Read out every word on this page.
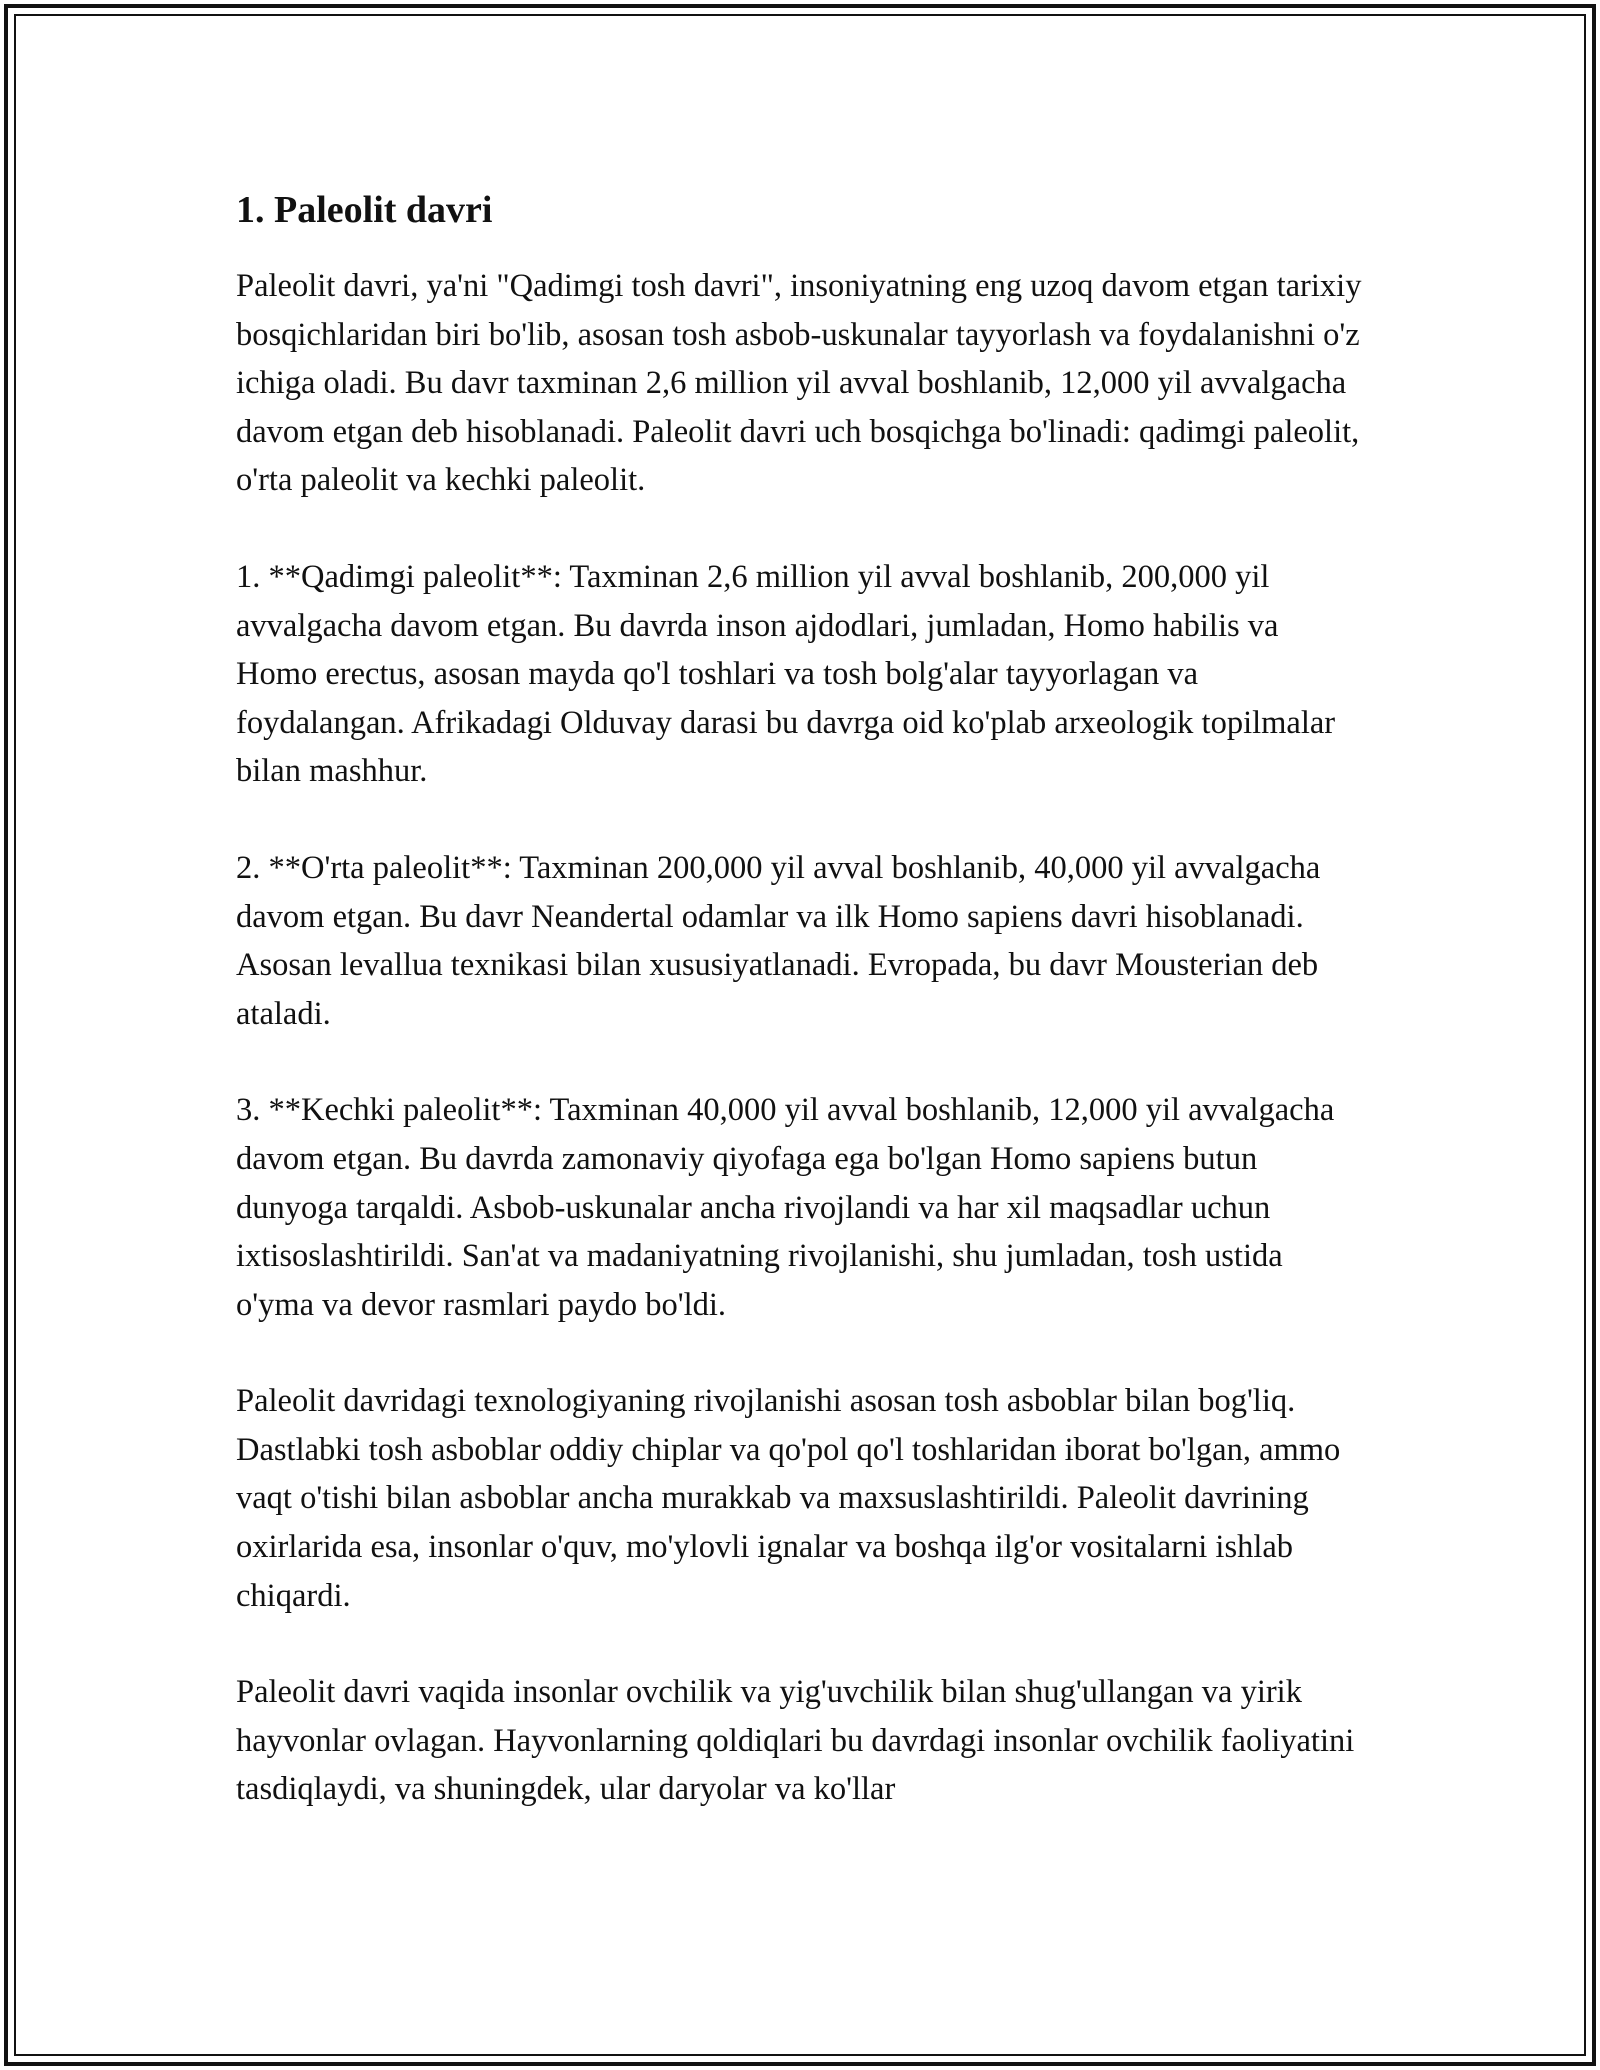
1. Paleolit davri

Paleolit davri, ya'ni "Qadimgi tosh davri", insoniyatning eng uzoq davom etgan tarixiy bosqichlaridan biri bo'lib, asosan tosh asbob-uskunalar tayyorlash va foydalanishni o'z ichiga oladi. Bu davr taxminan 2,6 million yil avval boshlanib, 12,000 yil avvalgacha davom etgan deb hisoblanadi. Paleolit davri uch bosqichga bo'linadi: qadimgi paleolit, o'rta paleolit va kechki paleolit.

1. **Qadimgi paleolit**: Taxminan 2,6 million yil avval boshlanib, 200,000 yil avvalgacha davom etgan. Bu davrda inson ajdodlari, jumladan, Homo habilis va Homo erectus, asosan mayda qo'l toshlari va tosh bolg'alar tayyorlagan va foydalangan. Afrikadagi Olduvay darasi bu davrga oid ko'plab arxeologik topilmalar bilan mashhur.

2. **O'rta paleolit**: Taxminan 200,000 yil avval boshlanib, 40,000 yil avvalgacha davom etgan. Bu davr Neandertal odamlar va ilk Homo sapiens davri hisoblanadi. Asosan levallua texnikasi bilan xususiyatlanadi. Evropada, bu davr Mousterian deb ataladi.

3. **Kechki paleolit**: Taxminan 40,000 yil avval boshlanib, 12,000 yil avvalgacha davom etgan. Bu davrda zamonaviy qiyofaga ega bo'lgan Homo sapiens butun dunyoga tarqaldi. Asbob-uskunalar ancha rivojlandi va har xil maqsadlar uchun ixtisoslashtirildi. San'at va madaniyatning rivojlanishi, shu jumladan, tosh ustida o'yma va devor rasmlari paydo bo'ldi.

Paleolit davridagi texnologiyaning rivojlanishi asosan tosh asboblar bilan bog'liq. Dastlabki tosh asboblar oddiy chiplar va qo'pol qo'l toshlaridan iborat bo'lgan, ammo vaqt o'tishi bilan asboblar ancha murakkab va maxsuslashtirildi. Paleolit davrining oxirlarida esa, insonlar o'quv, mo'ylovli ignalar va boshqa ilg'or vositalarni ishlab chiqardi.

Paleolit davri vaqida insonlar ovchilik va yig'uvchilik bilan shug'ullangan va yirik hayvonlar ovlagan. Hayvonlarning qoldiqlari bu davrdagi insonlar ovchilik faoliyatini tasdiqlaydi, va shuningdek, ular daryolar va ko'llar
